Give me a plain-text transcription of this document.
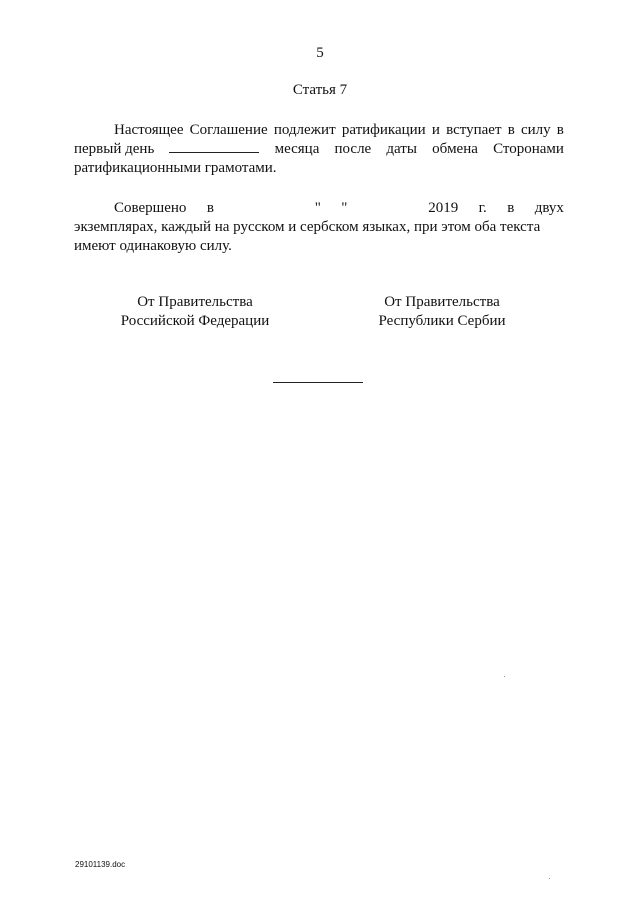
5
Статья 7
Настоящее Соглашение подлежит ратификации и вступает в силу в
первый день	месяца после даты обмена Сторонами
ратификационными грамотами.
Совершено в	" "	2019 г. в двух
экземплярах, каждый на русском и сербском языках, при этом оба текста
имеют одинаковую силу.
От Правительства
Российской Федерации
От Правительства
Республики Сербии
29101139.doc
